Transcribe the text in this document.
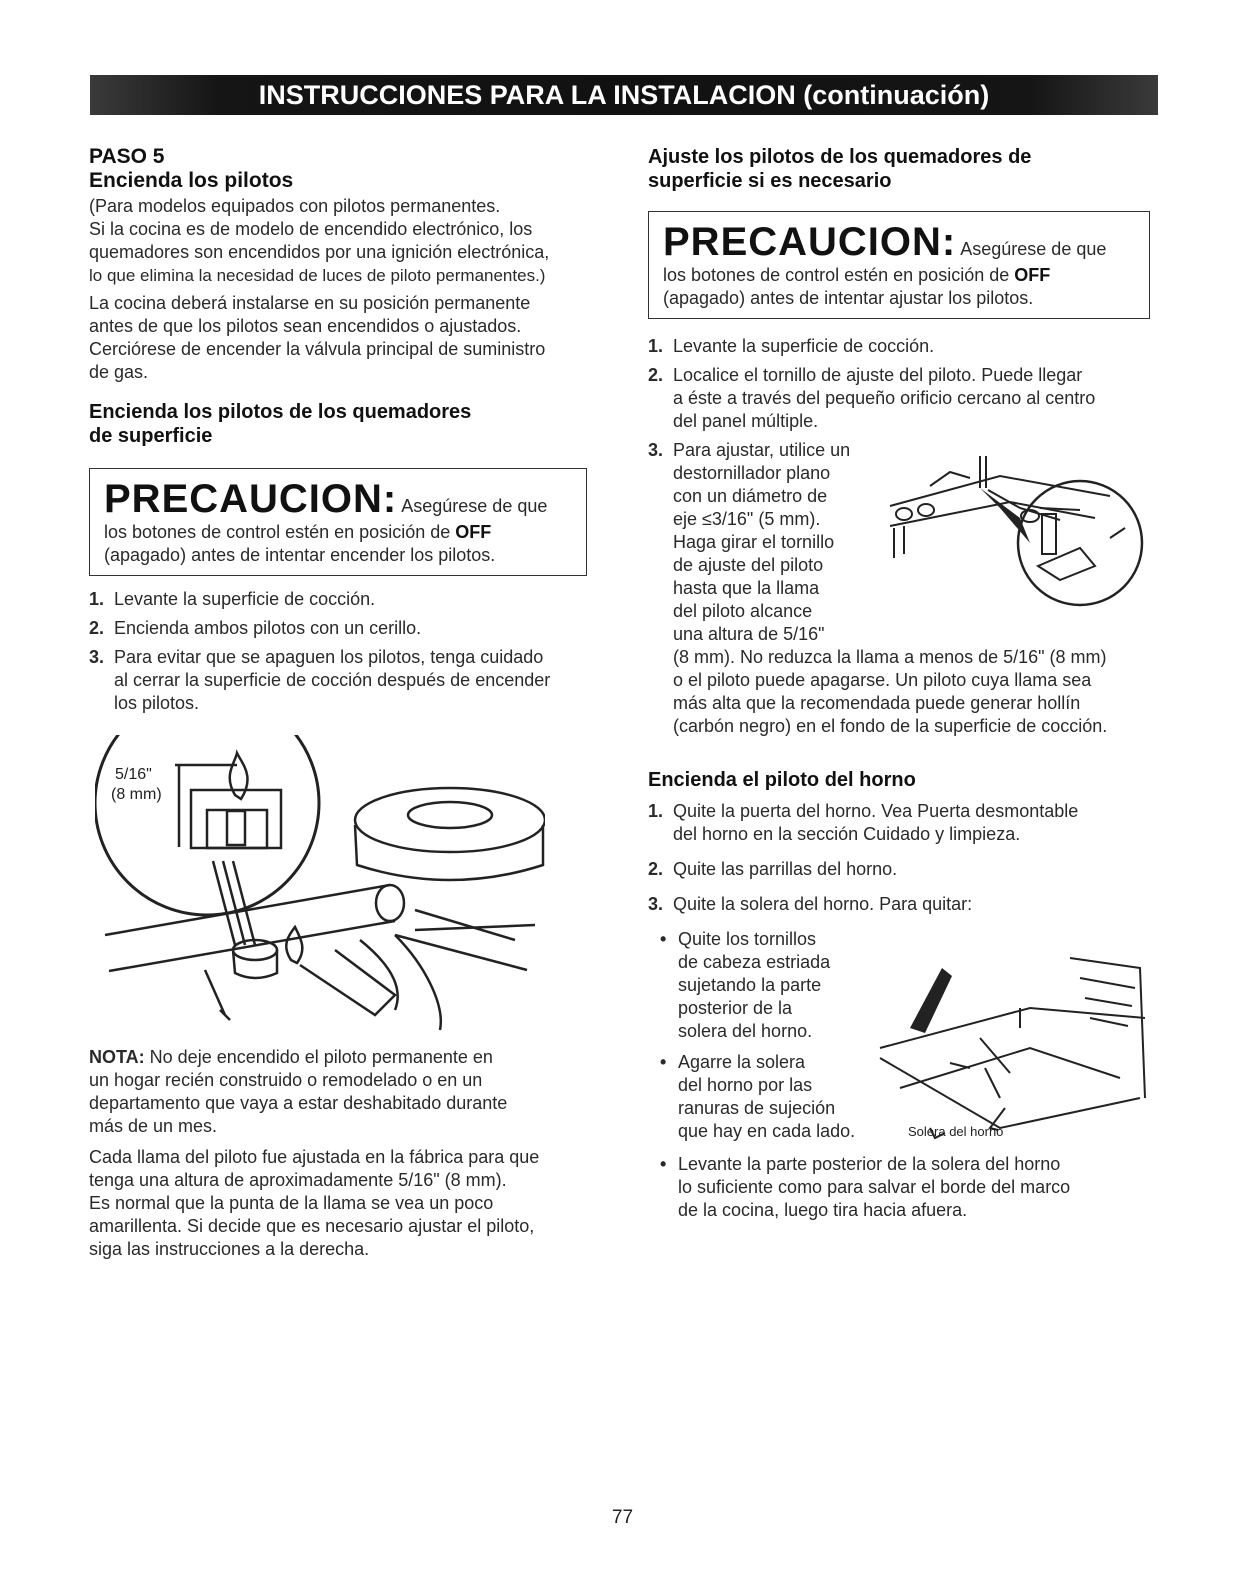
INSTRUCCIONES PARA LA INSTALACION (continuación)
PASO 5
Encienda los pilotos

(Para modelos equipados con pilotos permanentes.
Si la cocina es de modelo de encendido electrónico, los
quemadores son encendidos por una ignición electrónica,
lo que elimina la necesidad de luces de piloto permanentes.)

La cocina deberá instalarse en su posición permanente
antes de que los pilotos sean encendidos o ajustados.
Cerciórese de encender la válvula principal de suministro
de gas.

Encienda los pilotos de los quemadores
de superficie
PRECAUCION: Asegúrese de que
los botones de control estén en posición de OFF
(apagado) antes de intentar encender los pilotos.
1. Levante la superficie de cocción.
2. Encienda ambos pilotos con un cerillo.
3. Para evitar que se apaguen los pilotos, tenga cuidado
al cerrar la superficie de cocción después de encender
los pilotos.
5/16"
(8 mm)

NOTA: No deje encendido el piloto permanente en
un hogar recién construido o remodelado o en un
departamento que vaya a estar deshabitado durante
más de un mes.

Cada llama del piloto fue ajustada en la fábrica para que
tenga una altura de aproximadamente 5/16" (8 mm).
Es normal que la punta de la llama se vea un poco
amarillenta. Si decide que es necesario ajustar el piloto,
siga las instrucciones a la derecha.

Ajuste los pilotos de los quemadores de
superficie si es necesario
PRECAUCION: Asegúrese de que
los botones de control estén en posición de OFF
(apagado) antes de intentar ajustar los pilotos.
1. Levante la superficie de cocción.
2. Localice el tornillo de ajuste del piloto. Puede llegar
a éste a través del pequeño orificio cercano al centro
del panel múltiple.
3. Para ajustar, utilice un
destornillador plano
con un diámetro de
eje ≤3/16" (5 mm).
Haga girar el tornillo
de ajuste del piloto
hasta que la llama
del piloto alcance
una altura de 5/16"
(8 mm). No reduzca la llama a menos de 5/16" (8 mm)
o el piloto puede apagarse. Un piloto cuya llama sea
más alta que la recomendada puede generar hollín
(carbón negro) en el fondo de la superficie de cocción.
Encienda el piloto del horno
1. Quite la puerta del horno. Vea Puerta desmontable
del horno en la sección Cuidado y limpieza.
2. Quite las parrillas del horno.
3. Quite la solera del horno. Para quitar:
• Quite los tornillos
de cabeza estriada
sujetando la parte
posterior de la
solera del horno.
• Agarre la solera
del horno por las
ranuras de sujeción
que hay en cada lado.
• Levante la parte posterior de la solera del horno
lo suficiente como para salvar el borde del marco
de la cocina, luego tira hacia afuera.
Solera del horno
77
